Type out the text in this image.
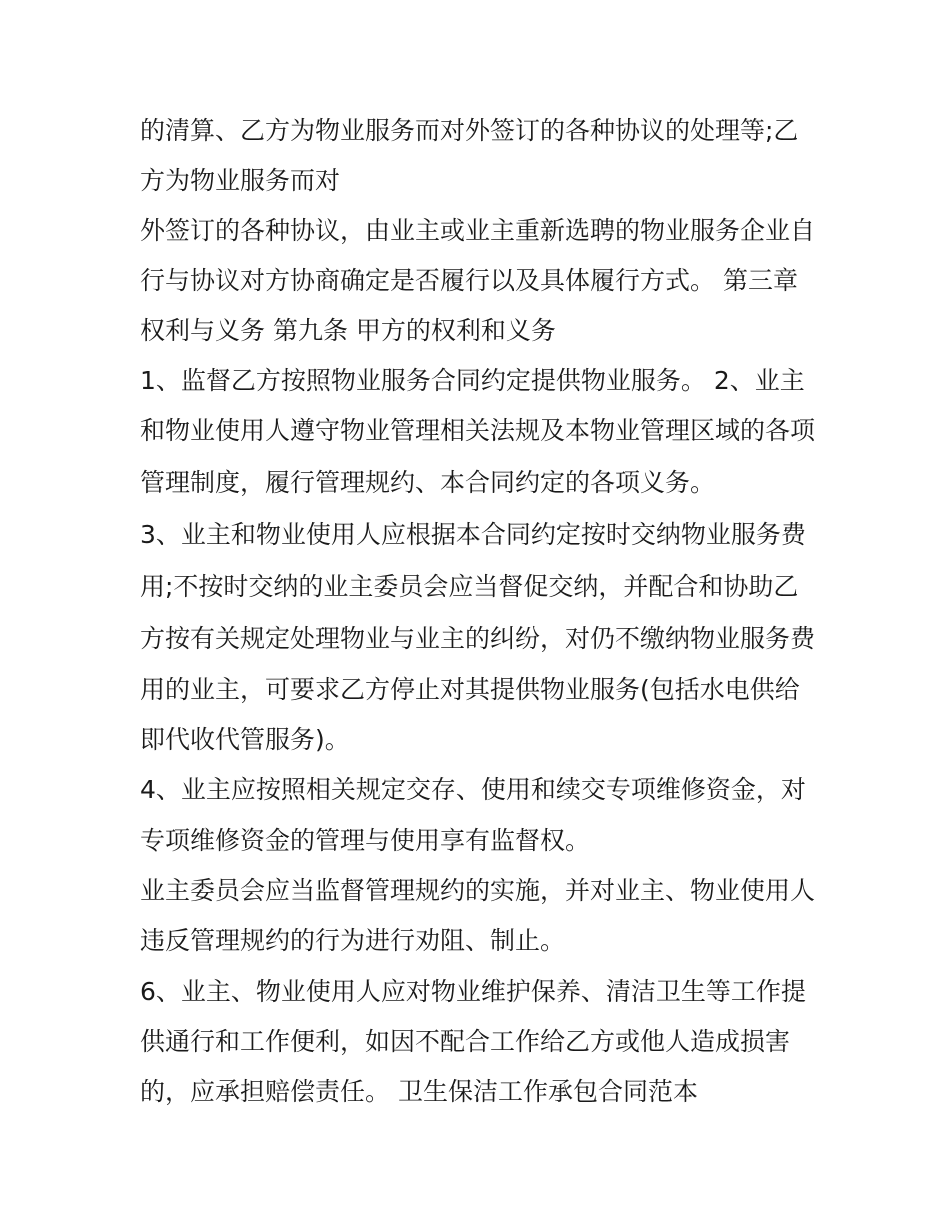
的清算、乙方为物业服务而对外签订的各种协议的处理等;乙
方为物业服务而对
外签订的各种协议，由业主或业主重新选聘的物业服务企业自
行与协议对方协商确定是否履行以及具体履行方式。 第三章
权利与义务 第九条 甲方的权利和义务
1、监督乙方按照物业服务合同约定提供物业服务。 2、业主
和物业使用人遵守物业管理相关法规及本物业管理区域的各项
管理制度，履行管理规约、本合同约定的各项义务。
3、业主和物业使用人应根据本合同约定按时交纳物业服务费
用;不按时交纳的业主委员会应当督促交纳，并配合和协助乙
方按有关规定处理物业与业主的纠纷，对仍不缴纳物业服务费
用的业主，可要求乙方停止对其提供物业服务(包括水电供给
即代收代管服务)。
4、业主应按照相关规定交存、使用和续交专项维修资金，对
专项维修资金的管理与使用享有监督权。
业主委员会应当监督管理规约的实施，并对业主、物业使用人
违反管理规约的行为进行劝阻、制止。
6、业主、物业使用人应对物业维护保养、清洁卫生等工作提
供通行和工作便利，如因不配合工作给乙方或他人造成损害
的，应承担赔偿责任。 卫生保洁工作承包合同范本
